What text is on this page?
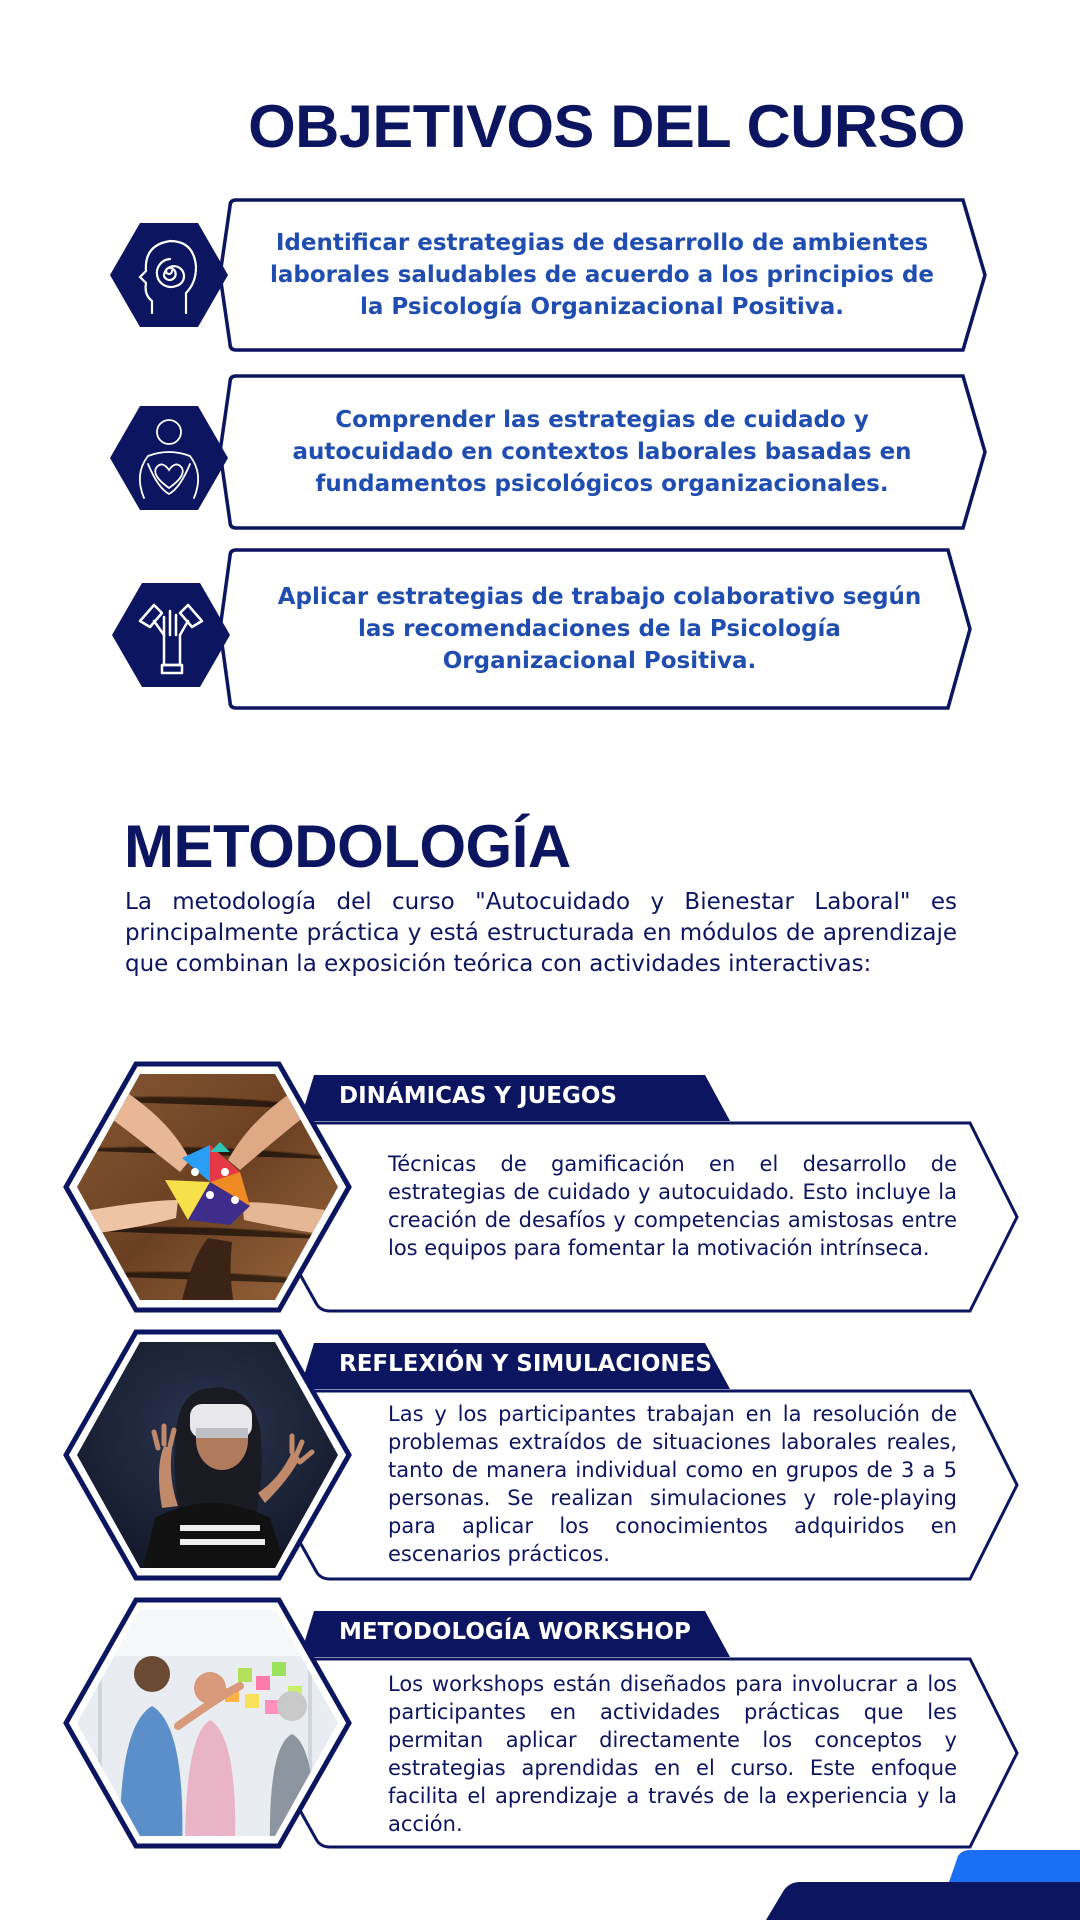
OBJETIVOS DEL CURSO
Identificar estrategias de desarrollo de ambientes laborales saludables de acuerdo a los principios de la Psicología Organizacional Positiva.
Comprender las estrategias de cuidado y autocuidado en contextos laborales basadas en fundamentos psicológicos organizacionales.
Aplicar estrategias de trabajo colaborativo según las recomendaciones de la Psicología Organizacional Positiva.
METODOLOGÍA
La metodología del curso "Autocuidado y Bienestar Laboral" es principalmente práctica y está estructurada en módulos de aprendizaje que combinan la exposición teórica con actividades interactivas:
DINÁMICAS Y JUEGOS
Técnicas de gamificación en el desarrollo de estrategias de cuidado y autocuidado. Esto incluye la creación de desafíos y competencias amistosas entre los equipos para fomentar la motivación intrínseca.
REFLEXIÓN Y SIMULACIONES
Las y los participantes trabajan en la resolución de problemas extraídos de situaciones laborales reales, tanto de manera individual como en grupos de 3 a 5 personas. Se realizan simulaciones y role-playing para aplicar los conocimientos adquiridos en escenarios prácticos.
METODOLOGÍA WORKSHOP
Los workshops están diseñados para involucrar a los participantes en actividades prácticas que les permitan aplicar directamente los conceptos y estrategias aprendidas en el curso. Este enfoque facilita el aprendizaje a través de la experiencia y la acción.
